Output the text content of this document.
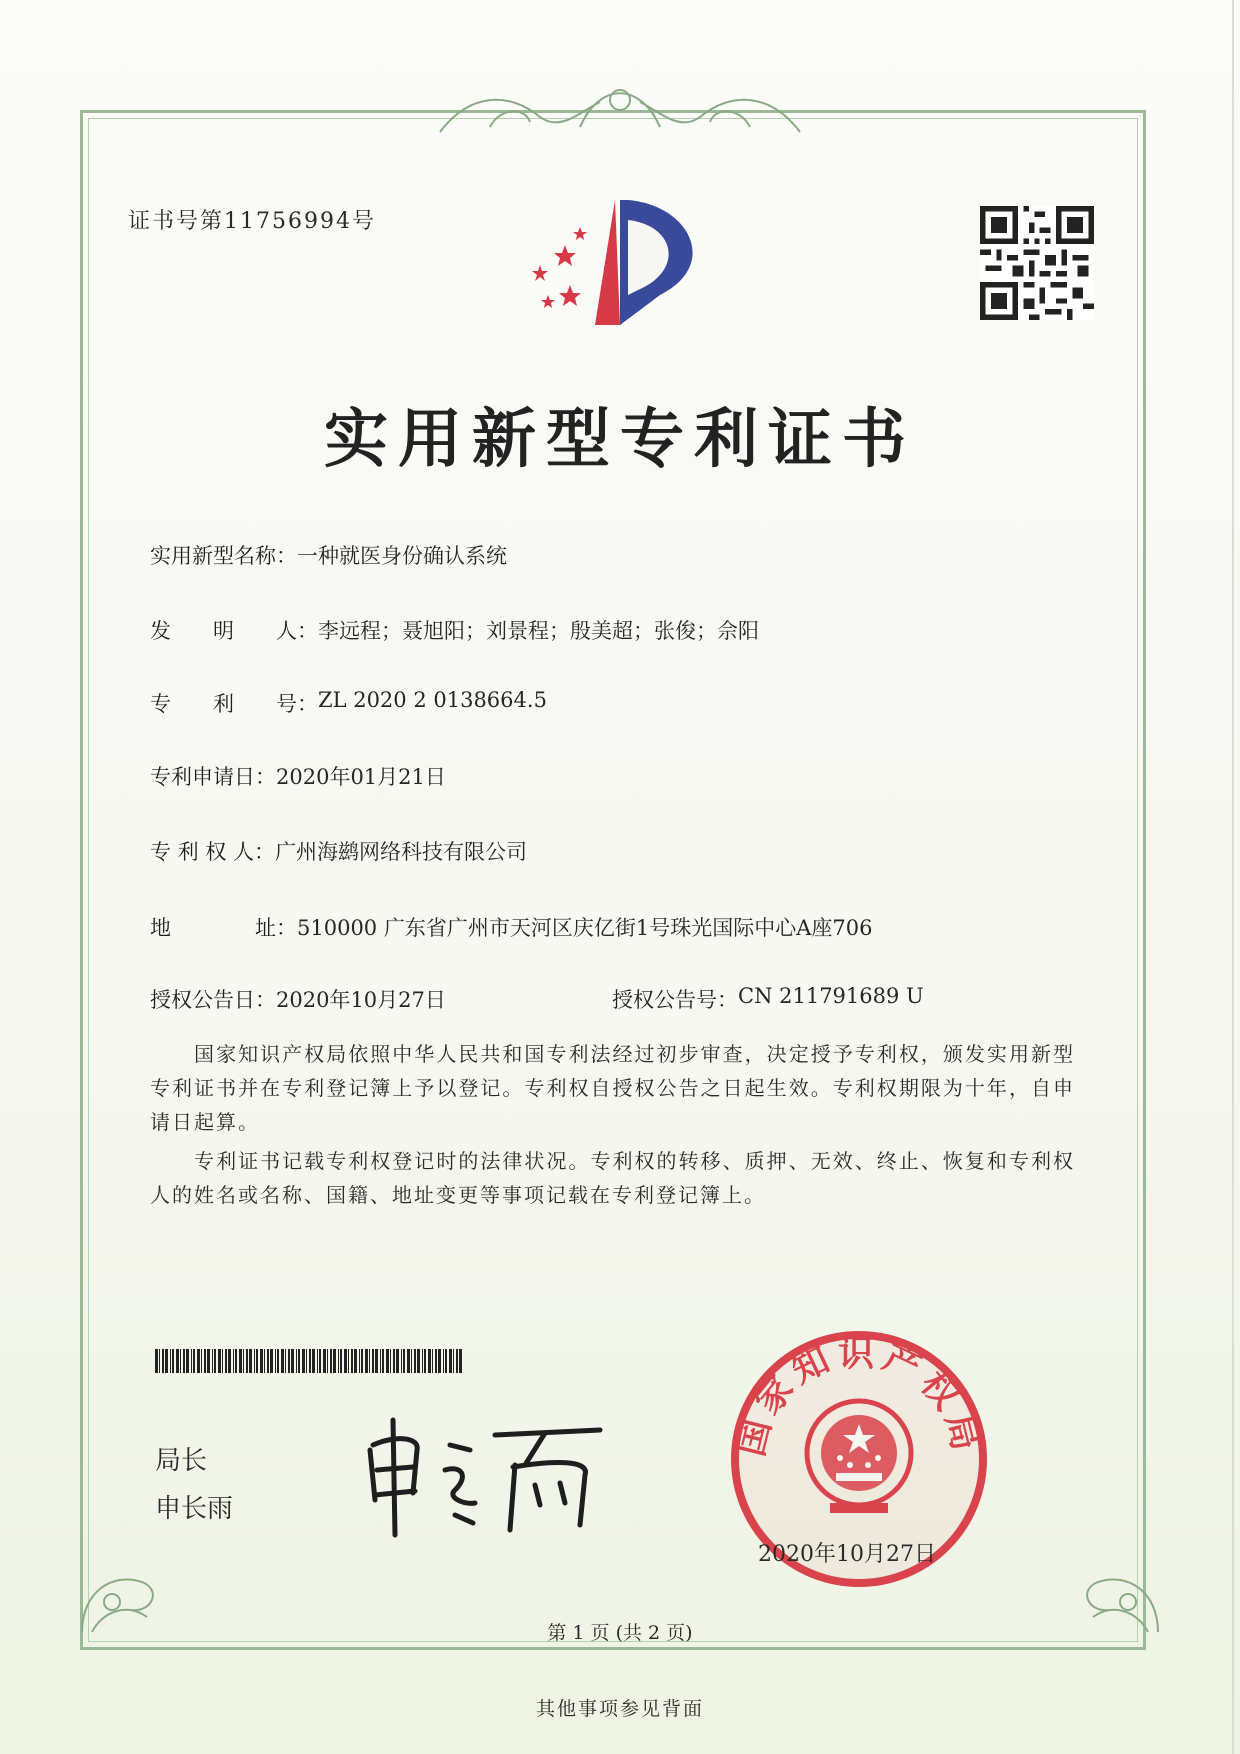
证书号第11756994号
实用新型专利证书
实用新型名称： 一种就医身份确认系统
发　　明　　人： 李远程；聂旭阳；刘景程；殷美超；张俊；佘阳
专　　利　　号： ZL 2020 2 0138664.5
专利申请日： 2020年01月21日
专 利 权 人： 广州海鹚网络科技有限公司
地　　　　址： 510000 广东省广州市天河区庆亿街1号珠光国际中心A座706
授权公告日： 2020年10月27日	授权公告号： CN 211791689 U
　　国家知识产权局依照中华人民共和国专利法经过初步审查，决定授予专利权，颁发实用新型专利证书并在专利登记簿上予以登记。专利权自授权公告之日起生效。专利权期限为十年，自申请日起算。
　　专利证书记载专利权登记时的法律状况。专利权的转移、质押、无效、终止、恢复和专利权人的姓名或名称、国籍、地址变更等事项记载在专利登记簿上。
局长
申长雨
国家知识产权局
2020年10月27日
第 1 页 (共 2 页)
其他事项参见背面
